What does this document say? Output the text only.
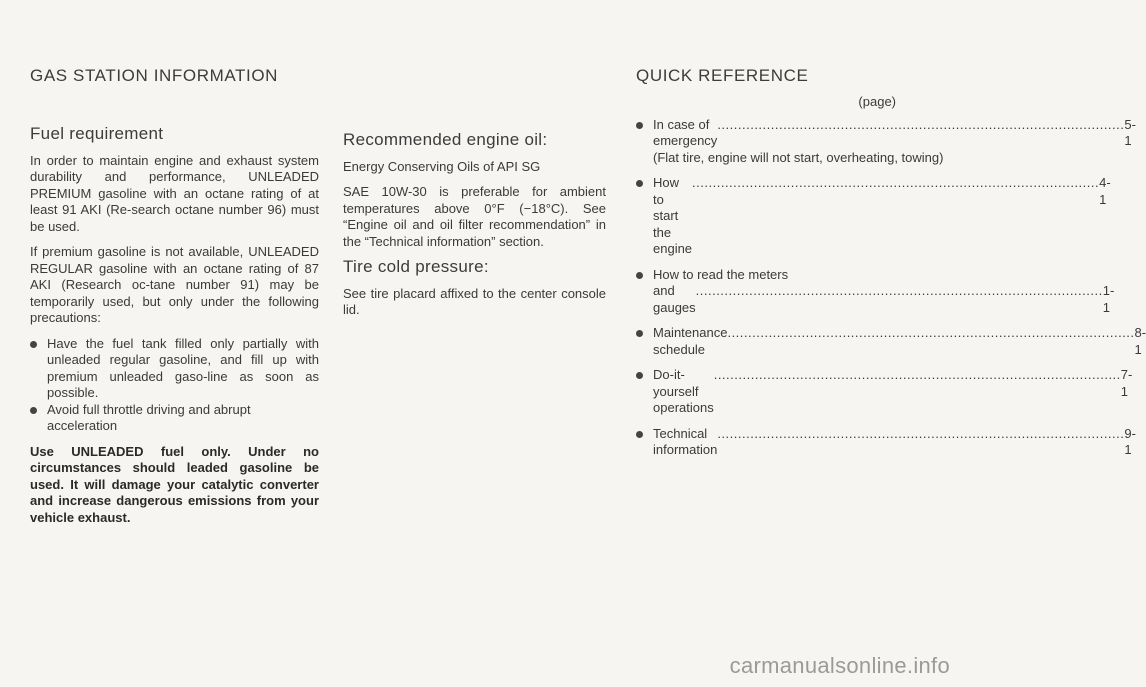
GAS STATION INFORMATION	QUICK REFERENCE
Fuel requirement

In order to maintain engine and exhaust system durability and performance, UNLEADED PREMIUM gasoline with an octane rating of at least 91 AKI (Re-search octane number 96) must be used.

If premium gasoline is not available, UNLEADED REGULAR gasoline with an octane rating of 87 AKI (Research oc-tane number 91) may be temporarily used, but only under the following precautions:

Have the fuel tank filled only partially with unleaded regular gasoline, and fill up with premium unleaded gaso-line as soon as possible.
Avoid full throttle driving and abrupt acceleration

Use UNLEADED fuel only. Under no circumstances should leaded gasoline be used. It will damage your catalytic converter and increase dangerous emissions from your vehicle exhaust.

Recommended engine oil:

Energy Conserving Oils of API SG

SAE 10W-30 is preferable for ambient temperatures above 0°F (−18°C). See “Engine oil and oil filter recommendation” in the “Technical information” section.

Tire cold pressure:

See tire placard affixed to the center console lid.

(page)
In case of emergency
.....
5-1
(Flat tire, engine will not start, overheating, towing)
How to start the engine
.....
4-1
How to read the meters
and gauges
.....
1-1
Maintenance schedule
.....
8-1
Do-it-yourself operations
.....
7-1
Technical information
.....
9-1
carmanualsonline.info
